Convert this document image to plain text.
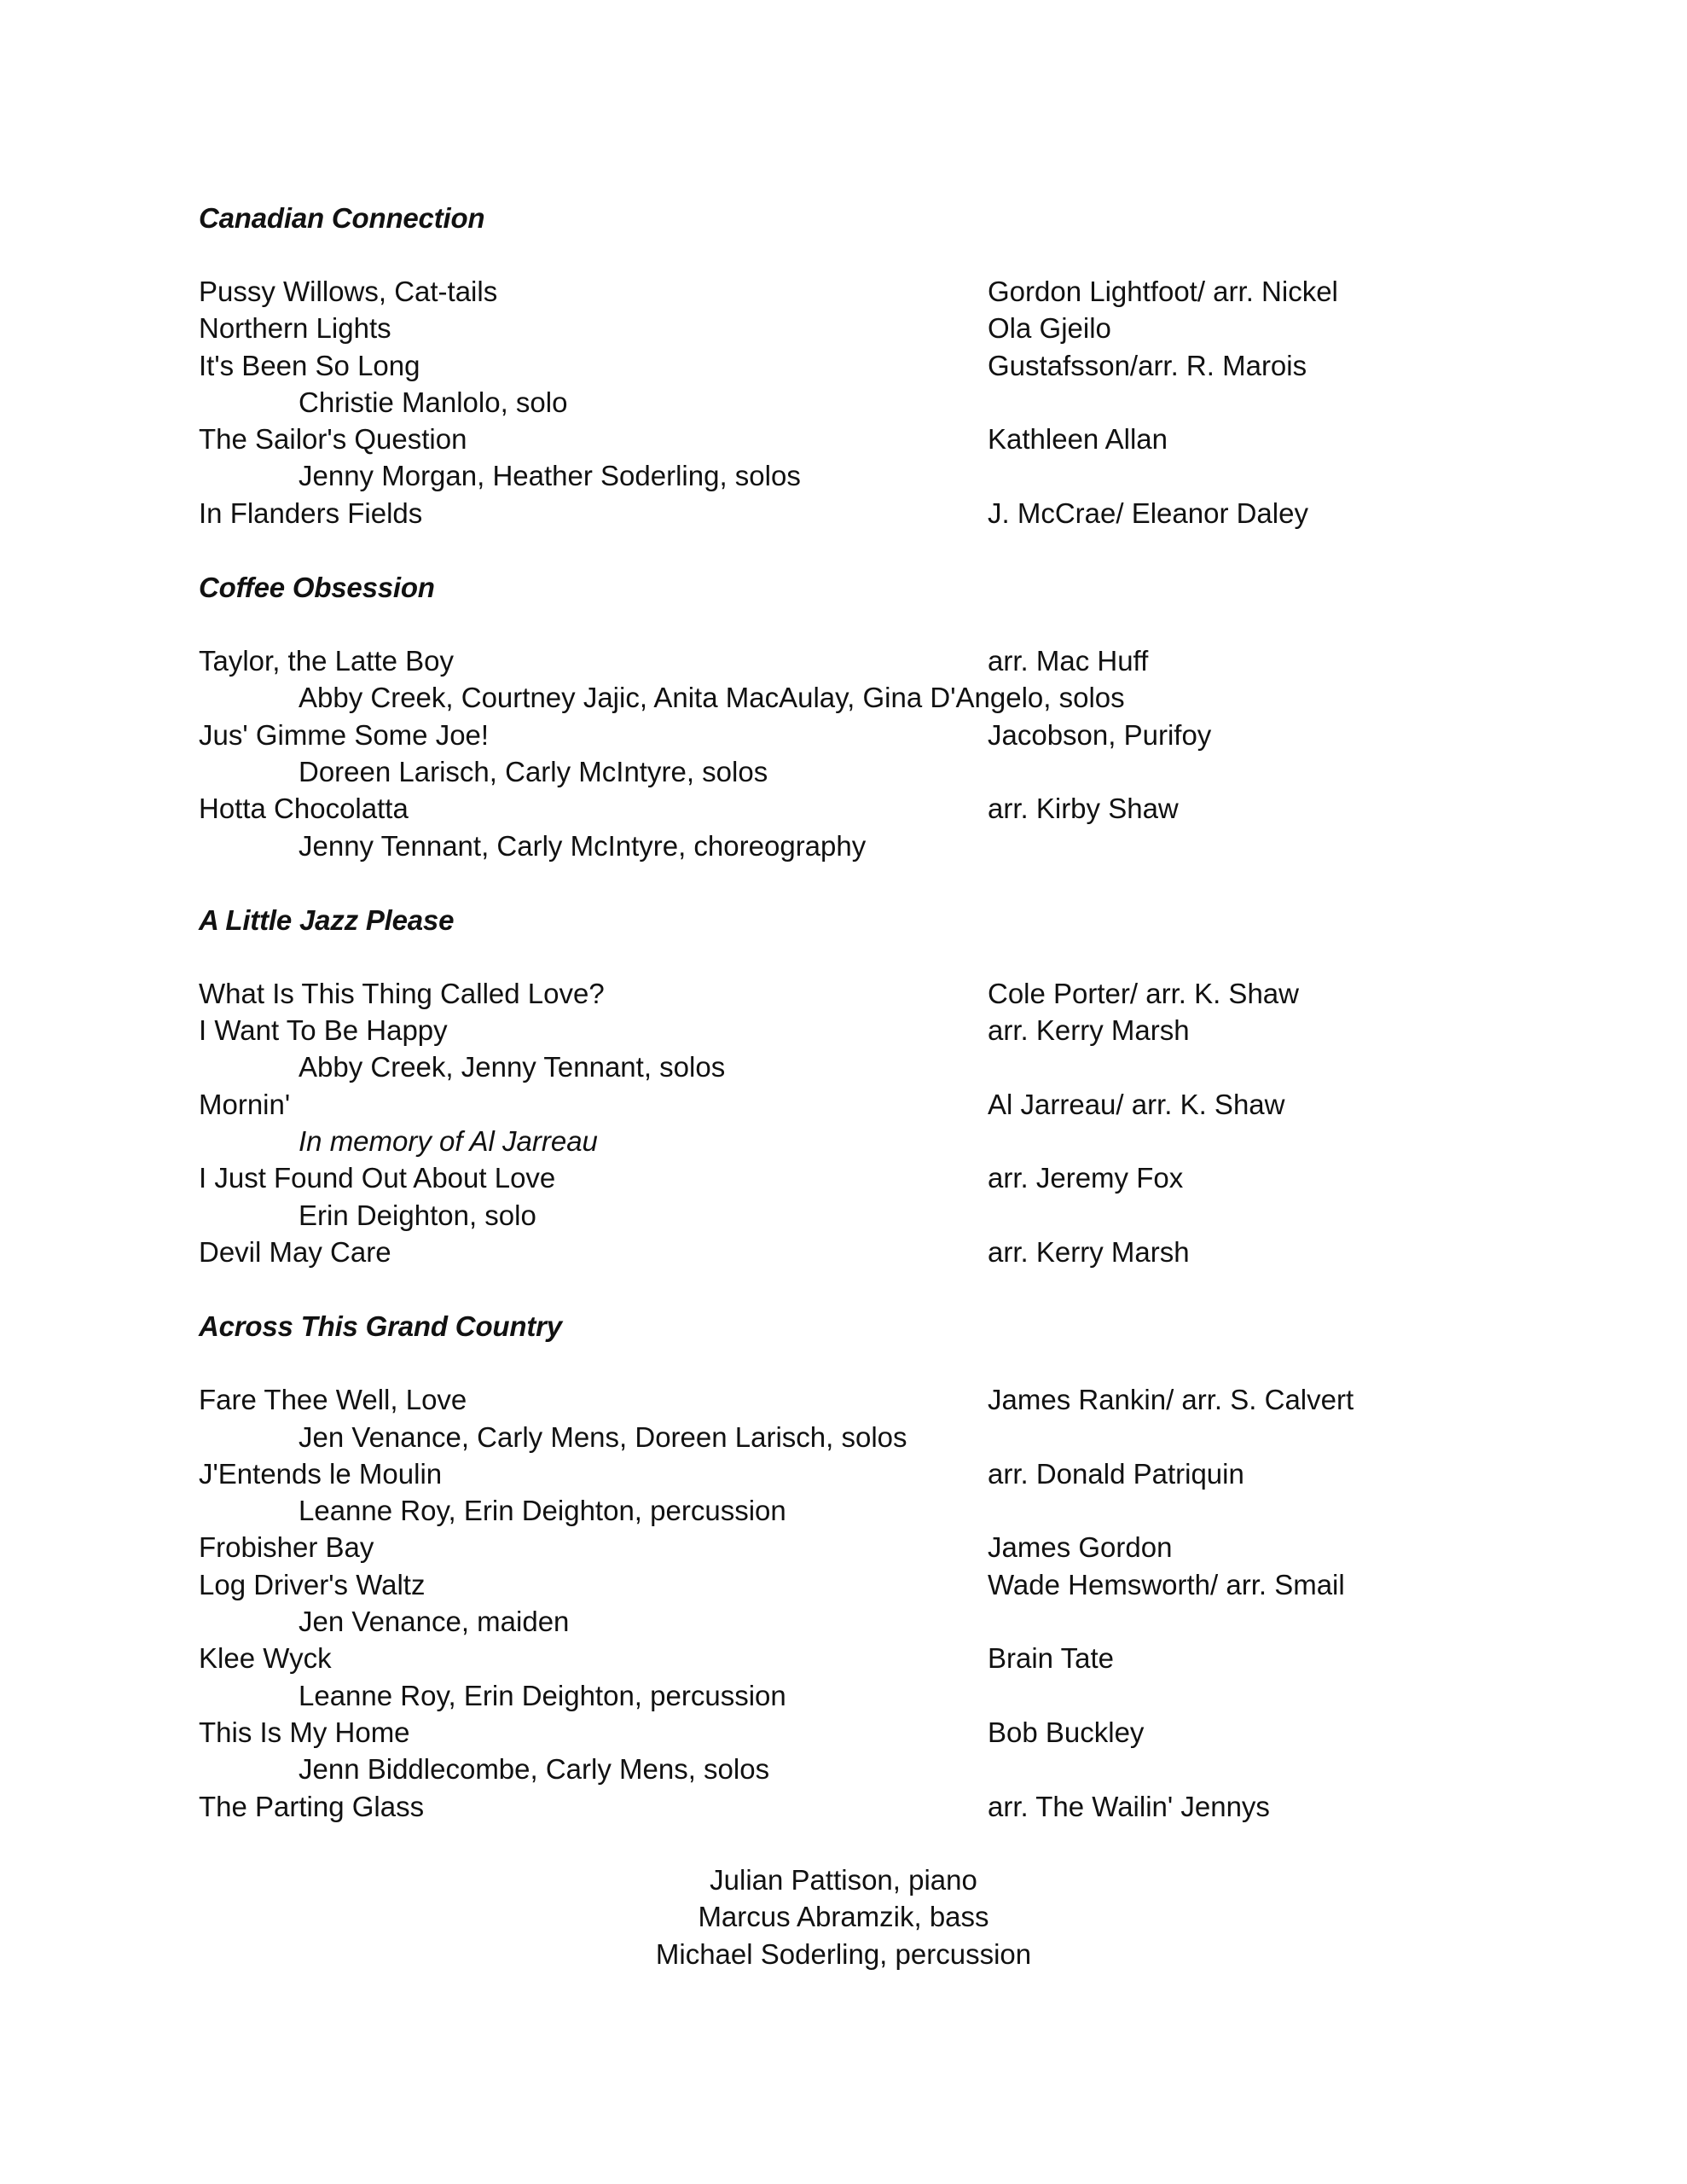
Canadian Connection
Pussy Willows, Cat-tails	Gordon Lightfoot/ arr. Nickel
Northern Lights	Ola Gjeilo
It's Been So Long	Gustafsson/arr. R. Marois
Christie Manlolo, solo
The Sailor's Question	Kathleen Allan
Jenny Morgan, Heather Soderling, solos
In Flanders Fields	J. McCrae/ Eleanor Daley
Coffee Obsession
Taylor, the Latte Boy	arr. Mac Huff
Abby Creek, Courtney Jajic, Anita MacAulay, Gina D'Angelo, solos
Jus' Gimme Some Joe!	Jacobson, Purifoy
Doreen Larisch, Carly McIntyre, solos
Hotta Chocolatta	arr. Kirby Shaw
Jenny Tennant, Carly McIntyre, choreography
A Little Jazz Please
What Is This Thing Called Love?	Cole Porter/ arr. K. Shaw
I Want To Be Happy	arr. Kerry Marsh
Abby Creek, Jenny Tennant, solos
Mornin'	Al Jarreau/ arr. K. Shaw
In memory of Al Jarreau
I Just Found Out About Love	arr. Jeremy Fox
Erin Deighton, solo
Devil May Care	arr. Kerry Marsh
Across This Grand Country
Fare Thee Well, Love	James Rankin/ arr. S. Calvert
Jen Venance, Carly Mens, Doreen Larisch, solos
J'Entends le Moulin	arr. Donald Patriquin
Leanne Roy, Erin Deighton, percussion
Frobisher Bay	James Gordon
Log Driver's Waltz	Wade Hemsworth/ arr. Smail
Jen Venance, maiden
Klee Wyck	Brain Tate
Leanne Roy, Erin Deighton, percussion
This Is My Home	Bob Buckley
Jenn Biddlecombe, Carly Mens, solos
The Parting Glass	arr. The Wailin' Jennys
Julian Pattison, piano
Marcus Abramzik, bass
Michael Soderling, percussion
